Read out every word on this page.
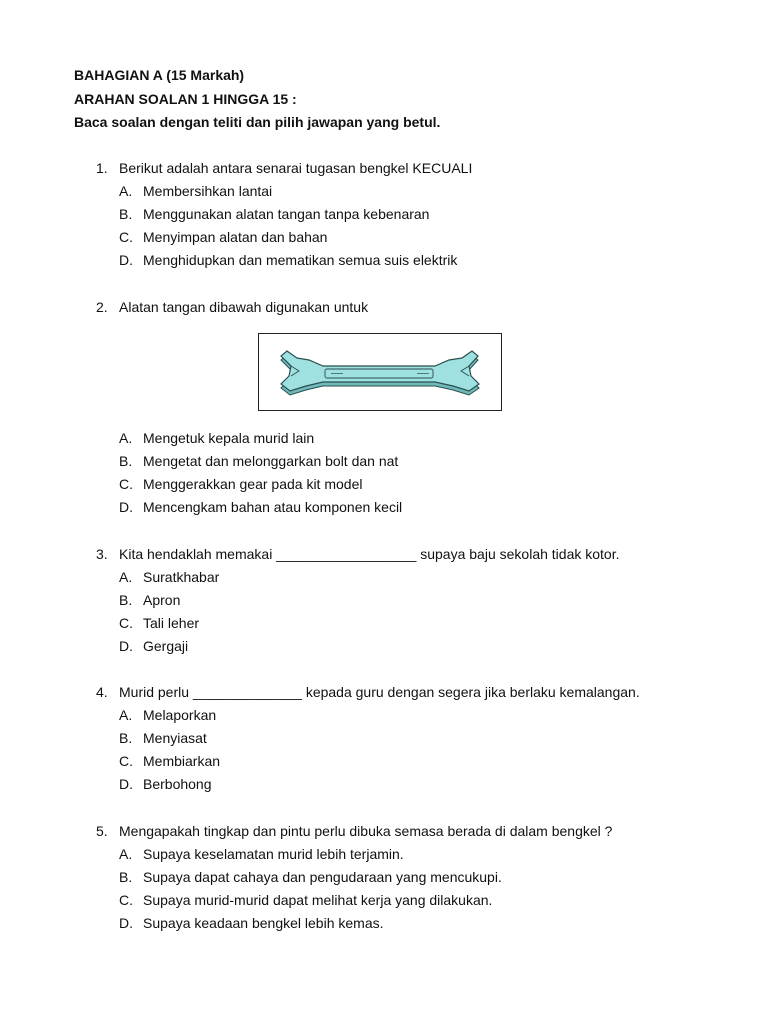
BAHAGIAN A (15 Markah)
ARAHAN SOALAN 1 HINGGA 15 :
Baca soalan dengan teliti dan pilih jawapan yang betul.
1. Berikut adalah antara senarai tugasan bengkel KECUALI
A. Membersihkan lantai
B. Menggunakan alatan tangan tanpa kebenaran
C. Menyimpan alatan dan bahan
D. Menghidupkan dan mematikan semua suis elektrik
2. Alatan tangan dibawah digunakan untuk
A. Mengetuk kepala murid lain
B. Mengetat dan melonggarkan bolt dan nat
C. Menggerakkan gear pada kit model
D. Mencengkam bahan atau komponen kecil
3. Kita hendaklah memakai __________________ supaya baju sekolah tidak kotor.
A. Suratkhabar
B. Apron
C. Tali leher
D. Gergaji
4. Murid perlu ______________ kepada guru dengan segera jika berlaku kemalangan.
A. Melaporkan
B. Menyiasat
C. Membiarkan
D. Berbohong
5. Mengapakah tingkap dan pintu perlu dibuka semasa berada di dalam bengkel ?
A. Supaya keselamatan murid lebih terjamin.
B. Supaya dapat cahaya dan pengudaraan yang mencukupi.
C. Supaya murid-murid dapat melihat kerja yang dilakukan.
D. Supaya keadaan bengkel lebih kemas.
